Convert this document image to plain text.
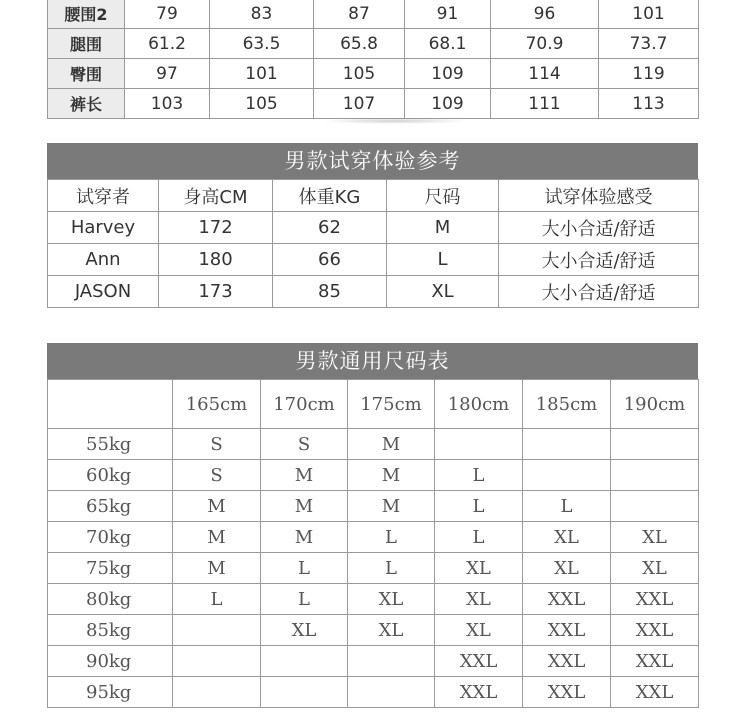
腰围2	79	83	87	91	96	101
腿围	61.2	63.5	65.8	68.1	70.9	73.7
臀围	97	101	105	109	114	119
裤长	103	105	107	109	111	113
男款试穿体验参考
试穿者	身高CM	体重KG	尺码	试穿体验感受
Harvey	172	62	M	大小合适/舒适
Ann	180	66	L	大小合适/舒适
JASON	173	85	XL	大小合适/舒适
男款通用尺码表
	165cm	170cm	175cm	180cm	185cm	190cm
55kg	S	S	M			
60kg	S	M	M	L		
65kg	M	M	M	L	L	
70kg	M	M	L	L	XL	XL
75kg	M	L	L	XL	XL	XL
80kg	L	L	XL	XL	XXL	XXL
85kg		XL	XL	XL	XXL	XXL
90kg				XXL	XXL	XXL
95kg				XXL	XXL	XXL
